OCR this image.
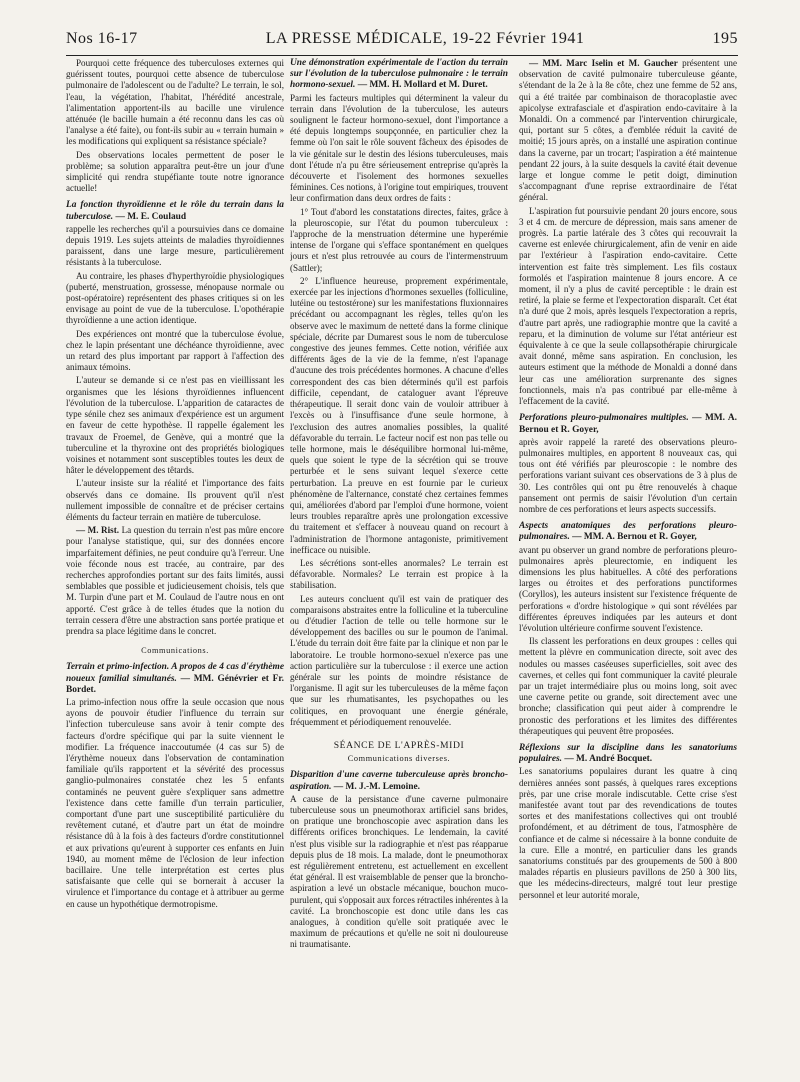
Nos 16-17	LA PRESSE MÉDICALE, 19-22 Février 1941	195

Pourquoi cette fréquence des tuberculoses externes qui guérissent toutes, pourquoi cette absence de tuberculose pulmonaire de l'adolescent ou de l'adulte? Le terrain, le sol, l'eau, la végétation, l'habitat, l'hérédité ancestrale, l'alimentation apportent-ils au bacille une virulence atténuée (le bacille humain a été reconnu dans les cas où l'analyse a été faite), ou font-ils subir au « terrain humain » les modifications qui expliquent sa résistance spéciale?

Des observations locales permettent de poser le problème; sa solution apparaîtra peut-être un jour d'une simplicité qui rendra stupéfiante toute notre ignorance actuelle!

La fonction thyroïdienne et le rôle du terrain dans la tuberculose. — M. E. Coulaud

rappelle les recherches qu'il a poursuivies dans ce domaine depuis 1919. Les sujets atteints de maladies thyroïdiennes paraissent, dans une large mesure, particulièrement résistants à la tuberculose.

Au contraire, les phases d'hyperthyroïdie physiologiques (puberté, menstruation, grossesse, ménopause normale ou post-opératoire) représentent des phases critiques si on les envisage au point de vue de la tuberculose. L'opothérapie thyroïdienne a une action identique.

Des expériences ont montré que la tuberculose évolue, chez le lapin présentant une déchéance thyroïdienne, avec un retard des plus important par rapport à l'affection des animaux témoins.

L'auteur se demande si ce n'est pas en vieillissant les organismes que les lésions thyroïdiennes influencent l'évolution de la tuberculose. L'apparition de cataractes de type sénile chez ses animaux d'expérience est un argument en faveur de cette hypothèse. Il rappelle également les travaux de Froemel, de Genève, qui a montré que la tuberculine et la thyroxine ont des propriétés biologiques voisines et notamment sont susceptibles toutes les deux de hâter le développement des têtards.

L'auteur insiste sur la réalité et l'importance des faits observés dans ce domaine. Ils prouvent qu'il n'est nullement impossible de connaître et de préciser certains éléments du facteur terrain en matière de tuberculose.

— M. Rist. La question du terrain n'est pas mûre encore pour l'analyse statistique, qui, sur des données encore imparfaitement définies, ne peut conduire qu'à l'erreur. Une voie féconde nous est tracée, au contraire, par des recherches approfondies portant sur des faits limités, aussi semblables que possible et judicieusement choisis, tels que M. Turpin d'une part et M. Coulaud de l'autre nous en ont apporté. C'est grâce à de telles études que la notion du terrain cessera d'être une abstraction sans portée pratique et prendra sa place légitime dans le concret.

Communications.
Terrain et primo-infection. A propos de 4 cas d'érythème noueux familial simultanés. — MM. Génévrier et Fr. Bordet.

La primo-infection nous offre la seule occasion que nous ayons de pouvoir étudier l'influence du terrain sur l'infection tuberculeuse sans avoir à tenir compte des facteurs d'ordre spécifique qui par la suite viennent le modifier. La fréquence inaccoutumée (4 cas sur 5) de l'érythème noueux dans l'observation de contamination familiale qu'ils rapportent et la sévérité des processus ganglio-pulmonaires constatée chez les 5 enfants contaminés ne peuvent guère s'expliquer sans admettre l'existence dans cette famille d'un terrain particulier, comportant d'une part une susceptibilité particulière du revêtement cutané, et d'autre part un état de moindre résistance dû à la fois à des facteurs d'ordre constitutionnel et aux privations qu'eurent à supporter ces enfants en Juin 1940, au moment même de l'éclosion de leur infection bacillaire. Une telle interprétation est certes plus satisfaisante que celle qui se bornerait à accuser la virulence et l'importance du contage et à attribuer au germe en cause un hypothétique dermotropisme.

Une démonstration expérimentale de l'action du terrain sur l'évolution de la tuberculose pulmonaire : le terrain hormono-sexuel. — MM. H. Mollard et M. Duret.

Parmi les facteurs multiples qui déterminent la valeur du terrain dans l'évolution de la tuberculose, les auteurs soulignent le facteur hormono-sexuel, dont l'importance a été depuis longtemps soupçonnée, en particulier chez la femme où l'on sait le rôle souvent fâcheux des épisodes de la vie génitale sur le destin des lésions tuberculeuses, mais dont l'étude n'a pu être sérieusement entreprise qu'après la découverte et l'isolement des hormones sexuelles féminines. Ces notions, à l'origine tout empiriques, trouvent leur confirmation dans deux ordres de faits :

1° Tout d'abord les constatations directes, faites, grâce à la pleuroscopie, sur l'état du poumon tuberculeux : l'approche de la menstruation détermine une hyperémie intense de l'organe qui s'efface spontanément en quelques jours et n'est plus retrouvée au cours de l'intermenstruum (Sattler);

2° L'influence heureuse, proprement expérimentale, exercée par les injections d'hormones sexuelles (folliculine, lutéine ou testostérone) sur les manifestations fluxionnaires précédant ou accompagnant les règles, telles qu'on les observe avec le maximum de netteté dans la forme clinique spéciale, décrite par Dumarest sous le nom de tuberculose congestive des jeunes femmes. Cette notion, vérifiée aux différents âges de la vie de la femme, n'est l'apanage d'aucune des trois précédentes hormones. A chacune d'elles correspondent des cas bien déterminés qu'il est parfois difficile, cependant, de cataloguer avant l'épreuve thérapeutique. Il serait donc vain de vouloir attribuer à l'excès ou à l'insuffisance d'une seule hormone, à l'exclusion des autres anomalies possibles, la qualité défavorable du terrain. Le facteur nocif est non pas telle ou telle hormone, mais le déséquilibre hormonal lui-même, quels que soient le type de la sécrétion qui se trouve perturbée et le sens suivant lequel s'exerce cette perturbation. La preuve en est fournie par le curieux phénomène de l'alternance, constaté chez certaines femmes qui, améliorées d'abord par l'emploi d'une hormone, voient leurs troubles reparaître après une prolongation excessive du traitement et s'effacer à nouveau quand on recourt à l'administration de l'hormone antagoniste, primitivement inefficace ou nuisible.

Les sécrétions sont-elles anormales? Le terrain est défavorable. Normales? Le terrain est propice à la stabilisation.

Les auteurs concluent qu'il est vain de pratiquer des comparaisons abstraites entre la folliculine et la tuberculine ou d'étudier l'action de telle ou telle hormone sur le développement des bacilles ou sur le poumon de l'animal. L'étude du terrain doit être faite par la clinique et non par le laboratoire. Le trouble hormono-sexuel n'exerce pas une action particulière sur la tuberculose : il exerce une action générale sur les points de moindre résistance de l'organisme. Il agit sur les tuberculeuses de la même façon que sur les rhumatisantes, les psychopathes ou les colitiques, en provoquant une énergie générale, fréquemment et périodiquement renouvelée.

SÉANCE DE L'APRÈS-MIDI
Communications diverses.
Disparition d'une caverne tuberculeuse après broncho-aspiration. — M. J.-M. Lemoine.

A cause de la persistance d'une caverne pulmonaire tuberculeuse sous un pneumothorax artificiel sans brides, on pratique une bronchoscopie avec aspiration dans les différents orifices bronchiques. Le lendemain, la cavité n'est plus visible sur la radiographie et n'est pas réapparue depuis plus de 18 mois. La malade, dont le pneumothorax est régulièrement entretenu, est actuellement en excellent état général. Il est vraisemblable de penser que la broncho-aspiration a levé un obstacle mécanique, bouchon muco-purulent, qui s'opposait aux forces rétractiles inhérentes à la cavité. La bronchoscopie est donc utile dans les cas analogues, à condition qu'elle soit pratiquée avec le maximum de précautions et qu'elle ne soit ni douloureuse ni traumatisante.

— MM. Marc Iselin et M. Gaucher présentent une observation de cavité pulmonaire tuberculeuse géante, s'étendant de la 2e à la 8e côte, chez une femme de 52 ans, qui a été traitée par combinaison de thoracoplastie avec apicolyse extrafasciale et d'aspiration endo-cavitaire à la Monaldi. On a commencé par l'intervention chirurgicale, qui, portant sur 5 côtes, a d'emblée réduit la cavité de moitié; 15 jours après, on a installé une aspiration continue dans la caverne, par un trocart; l'aspiration a été maintenue pendant 22 jours, à la suite desquels la cavité était devenue large et longue comme le petit doigt, diminution s'accompagnant d'une reprise extraordinaire de l'état général.

L'aspiration fut poursuivie pendant 20 jours encore, sous 3 et 4 cm. de mercure de dépression, mais sans amener de progrès. La partie latérale des 3 côtes qui recouvrait la caverne est enlevée chirurgicalement, afin de venir en aide par l'extérieur à l'aspiration endo-cavitaire. Cette intervention est faite très simplement. Les fils costaux formolés et l'aspiration maintenue 8 jours encore. A ce moment, il n'y a plus de cavité perceptible : le drain est retiré, la plaie se ferme et l'expectoration disparaît. Cet état n'a duré que 2 mois, après lesquels l'expectoration a repris, d'autre part après, une radiographie montre que la cavité a reparu, et la diminution de volume sur l'état antérieur est équivalente à ce que la seule collapsothérapie chirurgicale avait donné, même sans aspiration. En conclusion, les auteurs estiment que la méthode de Monaldi a donné dans leur cas une amélioration surprenante des signes fonctionnels, mais n'a pas contribué par elle-même à l'effacement de la cavité.

Perforations pleuro-pulmonaires multiples. — MM. A. Bernou et R. Goyer,

après avoir rappelé la rareté des observations pleuro-pulmonaires multiples, en apportent 8 nouveaux cas, qui tous ont été vérifiés par pleuroscopie : le nombre des perforations variant suivant ces observations de 3 à plus de 30. Les contrôles qui ont pu être renouvelés à chaque pansement ont permis de saisir l'évolution d'un certain nombre de ces perforations et leurs aspects successifs.

Aspects anatomiques des perforations pleuro-pulmonaires. — MM. A. Bernou et R. Goyer,

avant pu observer un grand nombre de perforations pleuro-pulmonaires après pleurectomie, en indiquent les dimensions les plus habituelles. A côté des perforations larges ou étroites et des perforations punctiformes (Coryllos), les auteurs insistent sur l'existence fréquente de perforations « d'ordre histologique » qui sont révélées par différentes épreuves indiquées par les auteurs et dont l'évolution ultérieure confirme souvent l'existence.

Ils classent les perforations en deux groupes : celles qui mettent la plèvre en communication directe, soit avec des nodules ou masses caséeuses superficielles, soit avec des cavernes, et celles qui font communiquer la cavité pleurale par un trajet intermédiaire plus ou moins long, soit avec une caverne petite ou grande, soit directement avec une bronche; classification qui peut aider à comprendre le pronostic des perforations et les limites des différentes thérapeutiques qui peuvent être proposées.

Réflexions sur la discipline dans les sanatoriums populaires. — M. André Bocquet.

Les sanatoriums populaires durant les quatre à cinq dernières années sont passés, à quelques rares exceptions près, par une crise morale indiscutable. Cette crise s'est manifestée avant tout par des revendications de toutes sortes et des manifestations collectives qui ont troublé profondément, et au détriment de tous, l'atmosphère de confiance et de calme si nécessaire à la bonne conduite de la cure. Elle a montré, en particulier dans les grands sanatoriums constitués par des groupements de 500 à 800 malades répartis en plusieurs pavillons de 250 à 300 lits, que les médecins-directeurs, malgré tout leur prestige personnel et leur autorité morale,
